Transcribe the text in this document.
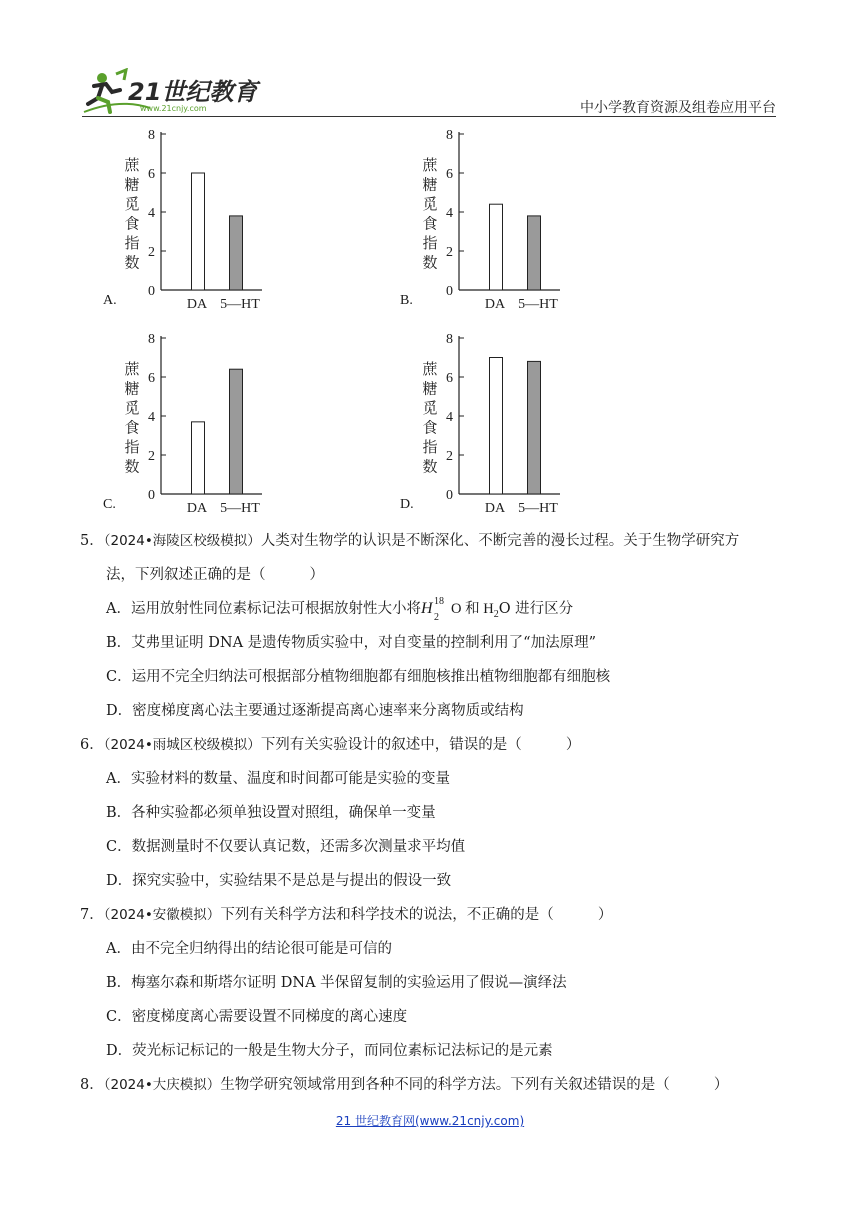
21世纪教育
www.21cnjy.com	中小学教育资源及组卷应用平台
A.
0
2
4
6
8
蔗
糖
觅
食
指
数
DA 5—HT	B.
0
2
4
6
8
蔗
糖
觅
食
指
数
DA 5—HT
C.
0
2
4
6
8
蔗
糖
觅
食
指
数
DA 5—HT	D.
0
2
4
6
8
蔗
糖
觅
食
指
数
DA 5—HT
5．（2024•海陵区校级模拟）人类对生物学的认识是不断深化、不断完善的漫长过程。关于生物学研究方
法，下列叙述正确的是（	）
A．运用放射性同位素标记法可根据放射性大小将H 18
2
O 和 $H_2O$ 进行区分
B．艾弗里证明 DNA 是遗传物质实验中，对自变量的控制利用了“加法原理”
C．运用不完全归纳法可根据部分植物细胞都有细胞核推出植物细胞都有细胞核
D．密度梯度离心法主要通过逐渐提高离心速率来分离物质或结构
6．（2024•雨城区校级模拟）下列有关实验设计的叙述中，错误的是（	）
A．实验材料的数量、温度和时间都可能是实验的变量
B．各种实验都必须单独设置对照组，确保单一变量
C．数据测量时不仅要认真记数，还需多次测量求平均值
D．探究实验中，实验结果不是总是与提出的假设一致
7．（2024•安徽模拟）下列有关科学方法和科学技术的说法，不正确的是（	）
A．由不完全归纳得出的结论很可能是可信的
B．梅塞尔森和斯塔尔证明 DNA 半保留复制的实验运用了假说—演绎法
C．密度梯度离心需要设置不同梯度的离心速度
D．荧光标记标记的一般是生物大分子，而同位素标记法标记的是元素
8．（2024•大庆模拟）生物学研究领域常用到各种不同的科学方法。下列有关叙述错误的是（	）
21 世纪教育网(www.21cnjy.com)
